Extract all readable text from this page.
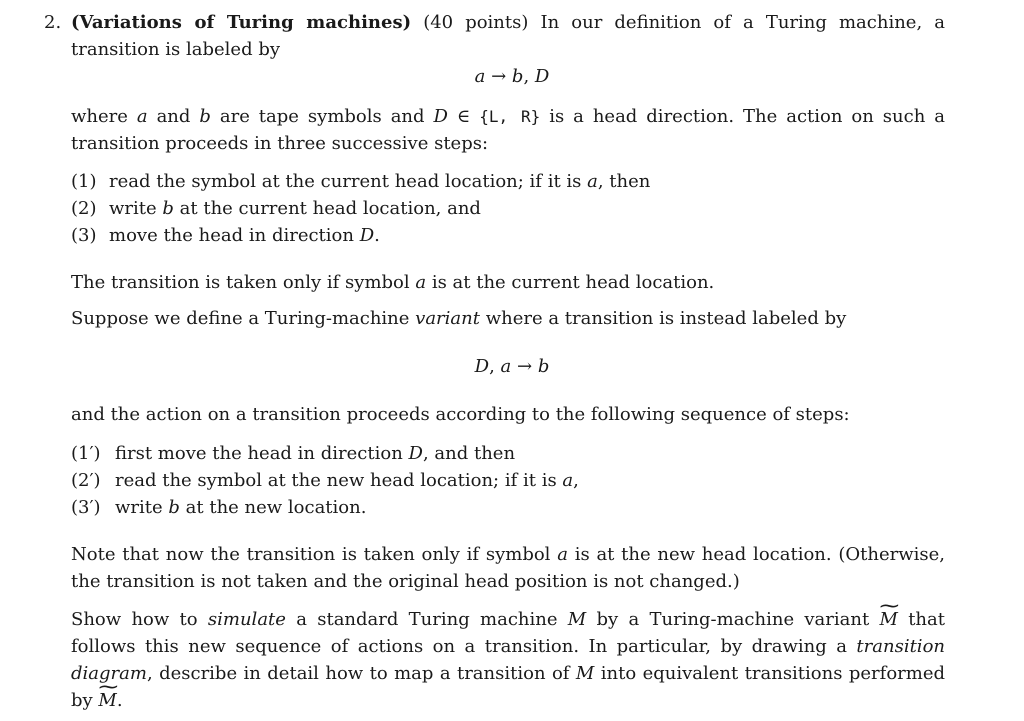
2. (Variations of Turing machines) (40 points) In our definition of a Turing machine, a transition is labeled by

a → b, D

where a and b are tape symbols and D ∈ {L, R} is a head direction. The action on such a transition proceeds in three successive steps:

(1) read the symbol at the current head location; if it is a, then

(2) write b at the current head location, and

(3) move the head in direction D.

The transition is taken only if symbol a is at the current head location.

Suppose we define a Turing-machine variant where a transition is instead labeled by

D, a → b

and the action on a transition proceeds according to the following sequence of steps:

(1′) first move the head in direction D, and then

(2′) read the symbol at the new head location; if it is a,

(3′) write b at the new location.

Note that now the transition is taken only if symbol a is at the new head location. (Otherwise, the transition is not taken and the original head position is not changed.)

Show how to simulate a standard Turing machine M by a Turing-machine variant ~ M that follows this new sequence of actions on a transition. In particular, by drawing a transition diagram, describe in detail how to map a transition of M into equivalent transitions performed by ~ M.
